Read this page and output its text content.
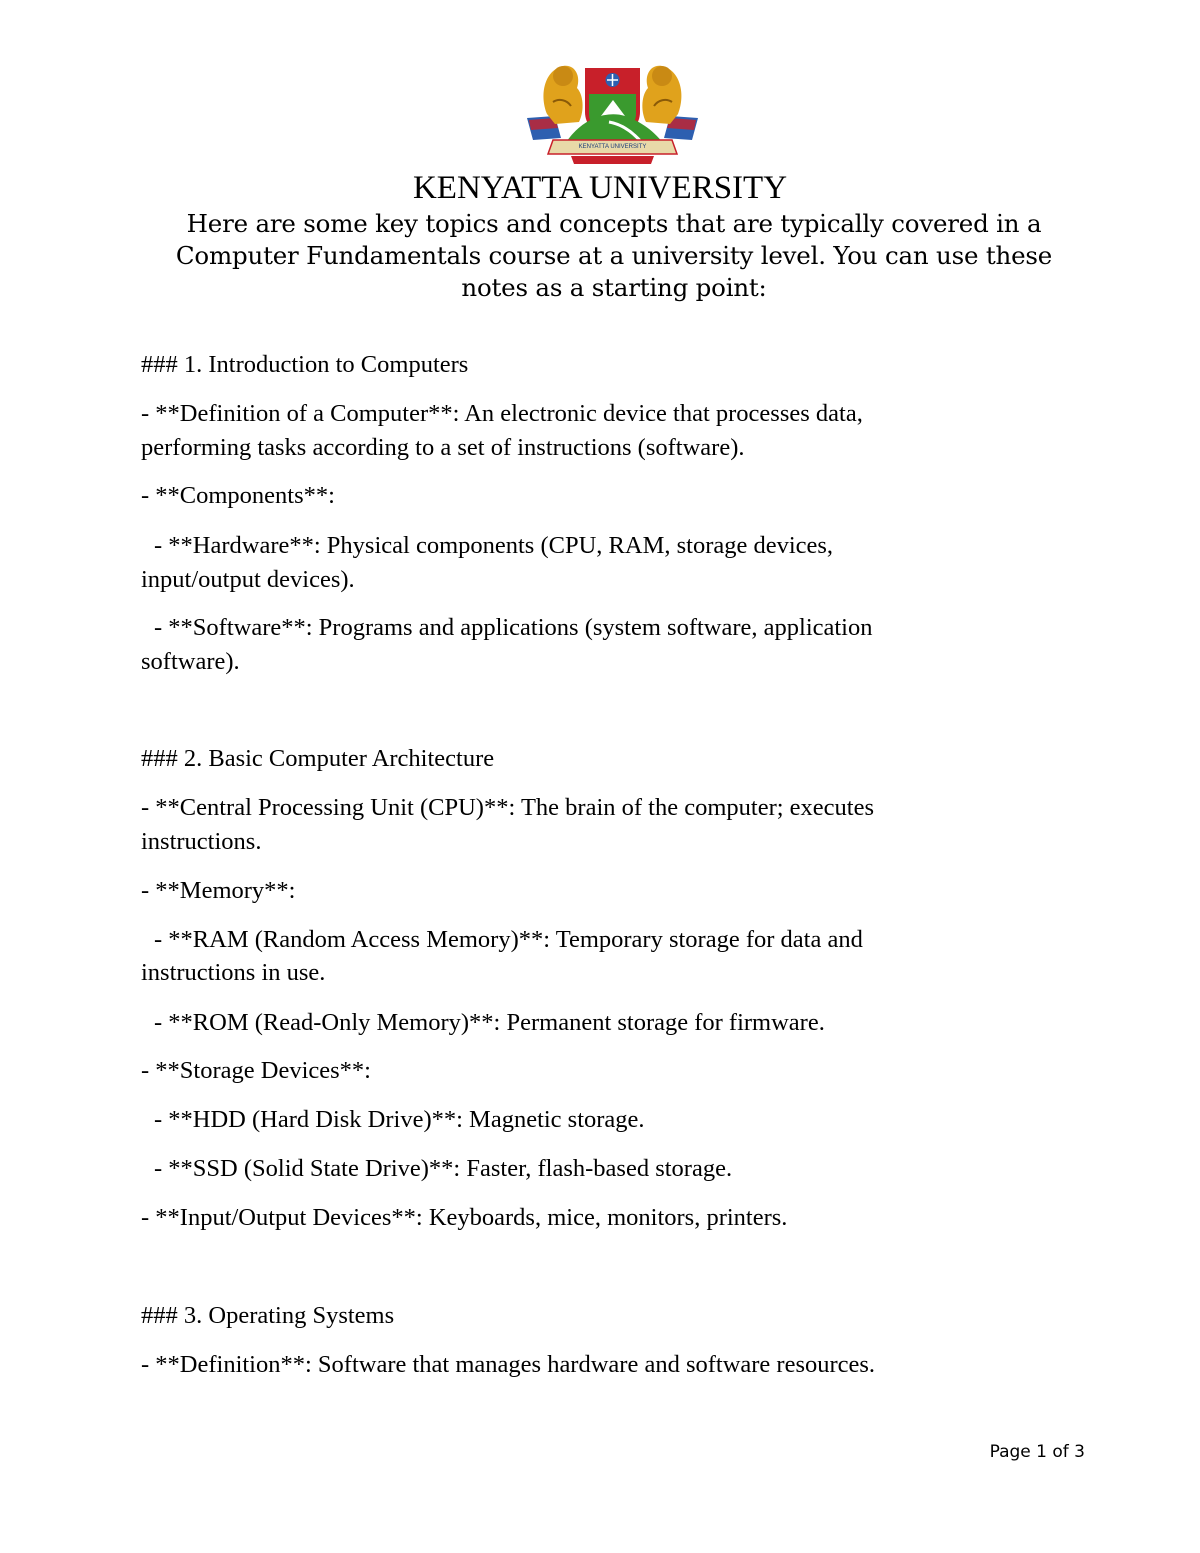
KENYATTA UNIVERSITY
KENYATTA UNIVERSITY
Here are some key topics and concepts that are typically covered in a Computer Fundamentals course at a university level. You can use these notes as a starting point:
### 1. Introduction to Computers
- **Definition of a Computer**: An electronic device that processes data,
performing tasks according to a set of instructions (software).
- **Components**:
- **Hardware**: Physical components (CPU, RAM, storage devices,
input/output devices).
- **Software**: Programs and applications (system software, application
software).
### 2. Basic Computer Architecture
- **Central Processing Unit (CPU)**: The brain of the computer; executes
instructions.
- **Memory**:
- **RAM (Random Access Memory)**: Temporary storage for data and
instructions in use.
- **ROM (Read-Only Memory)**: Permanent storage for firmware.
- **Storage Devices**:
- **HDD (Hard Disk Drive)**: Magnetic storage.
- **SSD (Solid State Drive)**: Faster, flash-based storage.
- **Input/Output Devices**: Keyboards, mice, monitors, printers.
### 3. Operating Systems
- **Definition**: Software that manages hardware and software resources.
Page 1 of 3
